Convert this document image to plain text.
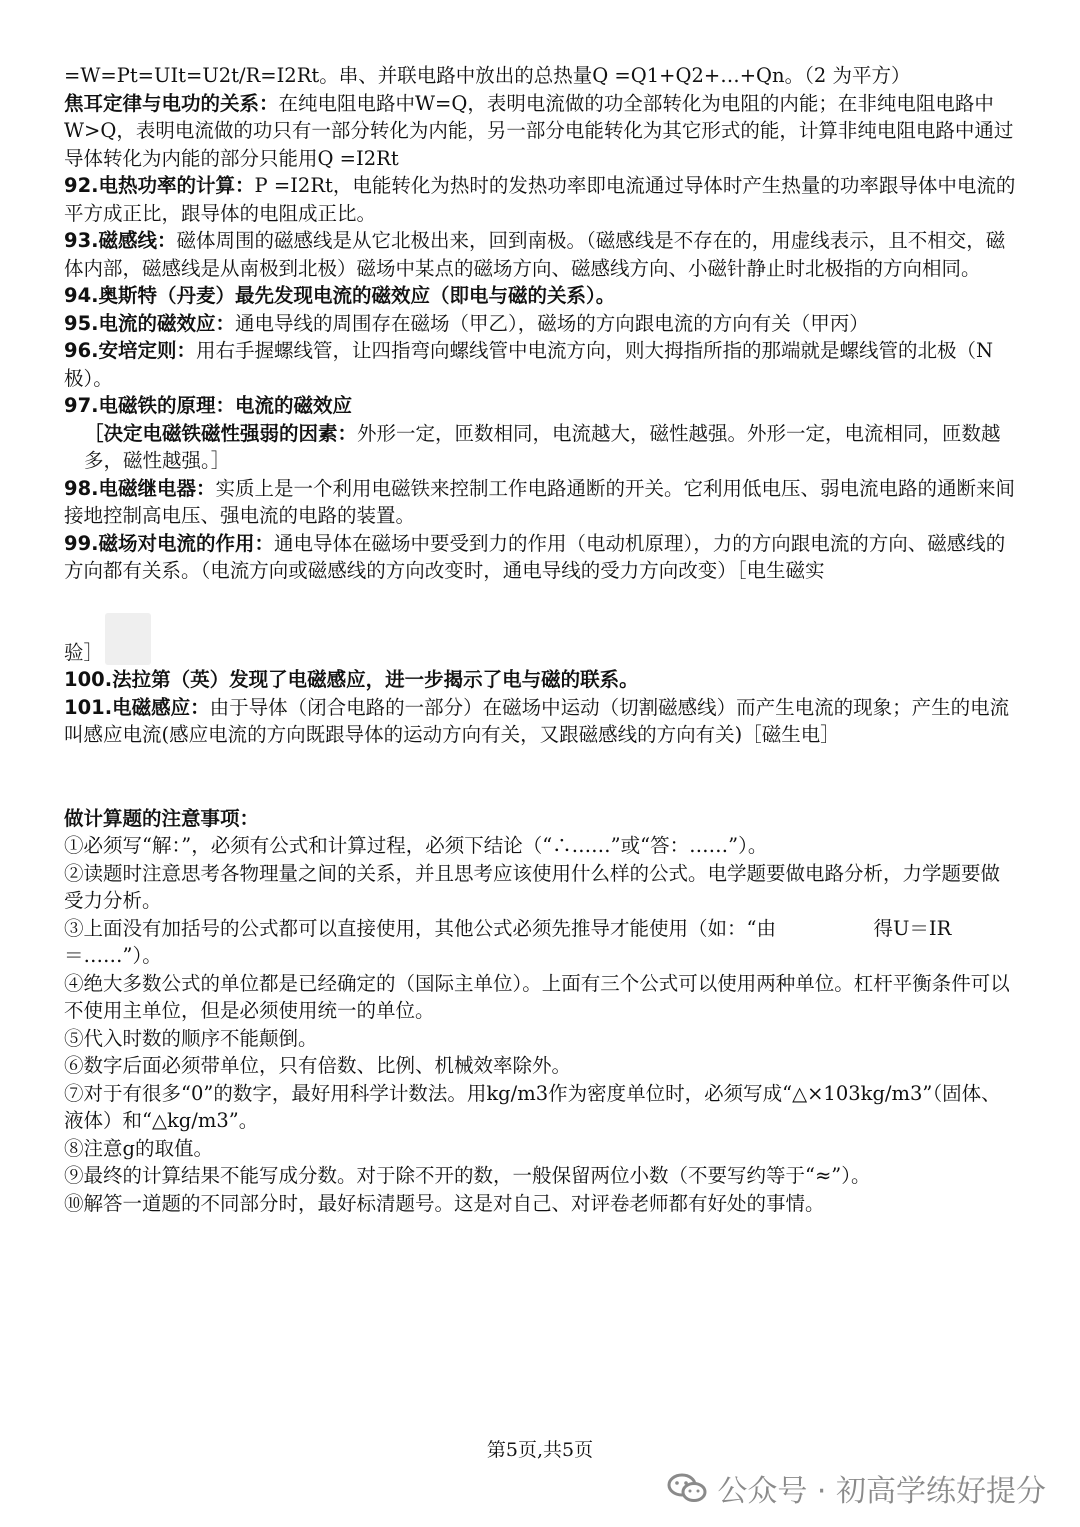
=W=Pt=UIt=U2t/R=I2Rt。串、并联电路中放出的总热量Q =Q1+Q2+…+Qn。（2 为平方）
焦耳定律与电功的关系：在纯电阻电路中W=Q，表明电流做的功全部转化为电阻的内能；在非纯电阻电路中W>Q，表明电流做的功只有一部分转化为内能，另一部分电能转化为其它形式的能，计算非纯电阻电路中通过导体转化为内能的部分只能用Q =I2Rt
92.电热功率的计算：P =I2Rt，电能转化为热时的发热功率即电流通过导体时产生热量的功率跟导体中电流的平方成正比，跟导体的电阻成正比。
93.磁感线：磁体周围的磁感线是从它北极出来，回到南极。（磁感线是不存在的，用虚线表示，且不相交，磁体内部，磁感线是从南极到北极）磁场中某点的磁场方向、磁感线方向、小磁针静止时北极指的方向相同。
94.奥斯特（丹麦）最先发现电流的磁效应（即电与磁的关系）。
95.电流的磁效应：通电导线的周围存在磁场（甲乙），磁场的方向跟电流的方向有关（甲丙）
96.安培定则：用右手握螺线管，让四指弯向螺线管中电流方向，则大拇指所指的那端就是螺线管的北极（N极）。
97.电磁铁的原理：电流的磁效应
［决定电磁铁磁性强弱的因素：外形一定，匝数相同，电流越大，磁性越强。外形一定，电流相同，匝数越多，磁性越强。］
98.电磁继电器：实质上是一个利用电磁铁来控制工作电路通断的开关。它利用低电压、弱电流电路的通断来间接地控制高电压、强电流的电路的装置。
99.磁场对电流的作用：通电导体在磁场中要受到力的作用（电动机原理），力的方向跟电流的方向、磁感线的方向都有关系。（电流方向或磁感线的方向改变时，通电导线的受力方向改变）［电生磁实
验］
100.法拉第（英）发现了电磁感应，进一步揭示了电与磁的联系。
101.电磁感应：由于导体（闭合电路的一部分）在磁场中运动（切割磁感线）而产生电流的现象；产生的电流叫感应电流(感应电流的方向既跟导体的运动方向有关，又跟磁感线的方向有关)［磁生电］
做计算题的注意事项：
①必须写“解：”，必须有公式和计算过程，必须下结论（“∴……”或“答：……”）。
②读题时注意思考各物理量之间的关系，并且思考应该使用什么样的公式。电学题要做电路分析，力学题要做受力分析。
③上面没有加括号的公式都可以直接使用，其他公式必须先推导才能使用（如：“由　　　　　得U＝IR＝……”）。
④绝大多数公式的单位都是已经确定的（国际主单位）。上面有三个公式可以使用两种单位。杠杆平衡条件可以不使用主单位，但是必须使用统一的单位。
⑤代入时数的顺序不能颠倒。
⑥数字后面必须带单位，只有倍数、比例、机械效率除外。
⑦对于有很多“0”的数字，最好用科学计数法。用kg/m3作为密度单位时，必须写成“△×103kg/m3”（固体、液体）和“△kg/m3”。
⑧注意g的取值。
⑨最终的计算结果不能写成分数。对于除不开的数，一般保留两位小数（不要写约等于“≈”）。
⑩解答一道题的不同部分时，最好标清题号。这是对自己、对评卷老师都有好处的事情。
第5页,共5页
公众号 · 初高学练好提分
